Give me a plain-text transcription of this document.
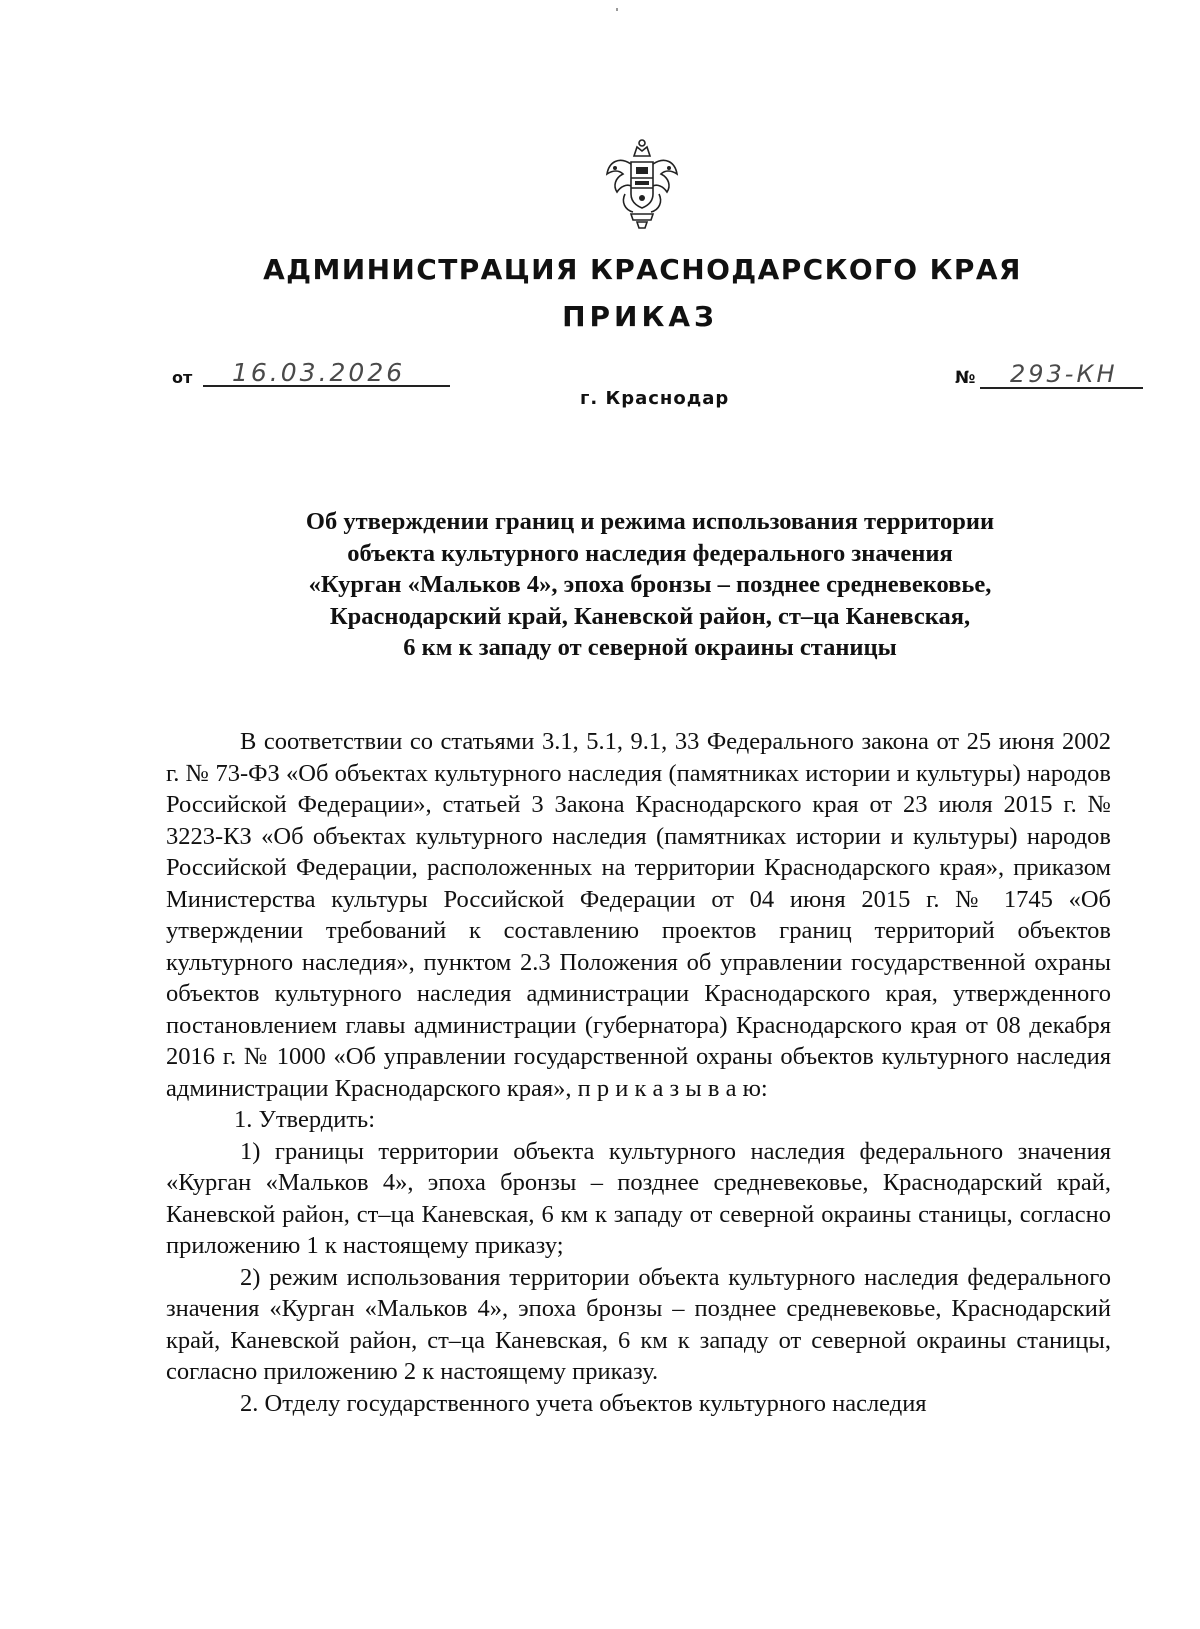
АДМИНИСТРАЦИЯ КРАСНОДАРСКОГО КРАЯ
ПРИКАЗ
от 16.03.2026
г. Краснодар
№ 293-КН
Об утверждении границ и режима использования территории
объекта культурного наследия федерального значения
«Курган «Мальков 4», эпоха бронзы – позднее средневековье,
Краснодарский край, Каневской район, ст–ца Каневская,
6 км к западу от северной окраины станицы

В соответствии со статьями 3.1, 5.1, 9.1, 33 Федерального закона от 25 июня 2002 г. № 73-ФЗ «Об объектах культурного наследия (памятниках истории и культуры) народов Российской Федерации», статьей 3 Закона Краснодарского края от 23 июля 2015 г. № 3223-КЗ «Об объектах культурного наследия (памятниках истории и культуры) народов Российской Федерации, расположенных на территории Краснодарского края», приказом Министерства культуры Российской Федерации от 04 июня 2015 г. № 1745 «Об утверждении требований к составлению проектов границ территорий объектов культурного наследия», пунктом 2.3 Положения об управлении государственной охраны объектов культурного наследия администрации Краснодарского края, утвержденного постановлением главы администрации (губернатора) Краснодарского края от 08 декабря 2016 г. № 1000 «Об управлении государственной охраны объектов культурного наследия администрации Краснодарского края», п р и к а з ы в а ю:

1. Утвердить:

1) границы территории объекта культурного наследия федерального значения «Курган «Мальков 4», эпоха бронзы – позднее средневековье, Краснодарский край, Каневской район, ст–ца Каневская, 6 км к западу от северной окраины станицы, согласно приложению 1 к настоящему приказу;

2) режим использования территории объекта культурного наследия федерального значения «Курган «Мальков 4», эпоха бронзы – позднее средневековье, Краснодарский край, Каневской район, ст–ца Каневская, 6 км к западу от северной окраины станицы, согласно приложению 2 к настоящему приказу.

2. Отделу государственного учета объектов культурного наследия
